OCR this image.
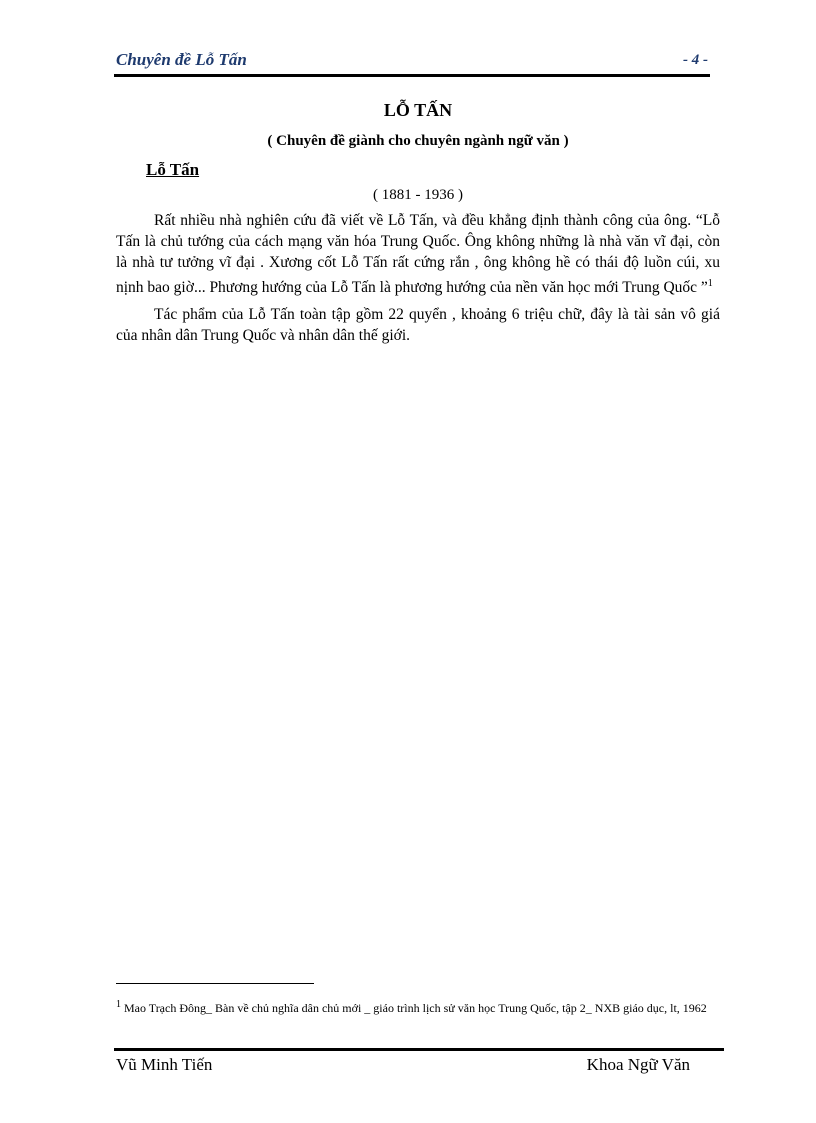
Chuyên đề Lỗ Tấn	- 4 -
LỖ TẤN
( Chuyên đề giành cho chuyên ngành ngữ văn )
Lỗ Tấn
( 1881 - 1936 )

Rất nhiều nhà nghiên cứu đã viết về Lỗ Tấn, và đều khẳng định thành công của ông. “Lỗ Tấn là chủ tướng của cách mạng văn hóa Trung Quốc. Ông không những là nhà văn vĩ đại, còn là nhà tư tưởng vĩ đại . Xương cốt Lỗ Tấn rất cứng rắn , ông không hề có thái độ luồn cúi, xu nịnh bao giờ... Phương hướng của Lỗ Tấn là phương hướng của nền văn học mới Trung Quốc ”$^1$

Tác phẩm của Lỗ Tấn toàn tập gồm 22 quyển , khoảng 6 triệu chữ, đây là tài sản vô giá của nhân dân Trung Quốc và nhân dân thế giới.

$^1$ Mao Trạch Đông_ Bàn về chủ nghĩa dân chủ mới _ giáo trình lịch sử văn học Trung Quốc, tập 2_ NXB giáo dục, lt, 1962
Vũ Minh Tiến	Khoa Ngữ Văn
